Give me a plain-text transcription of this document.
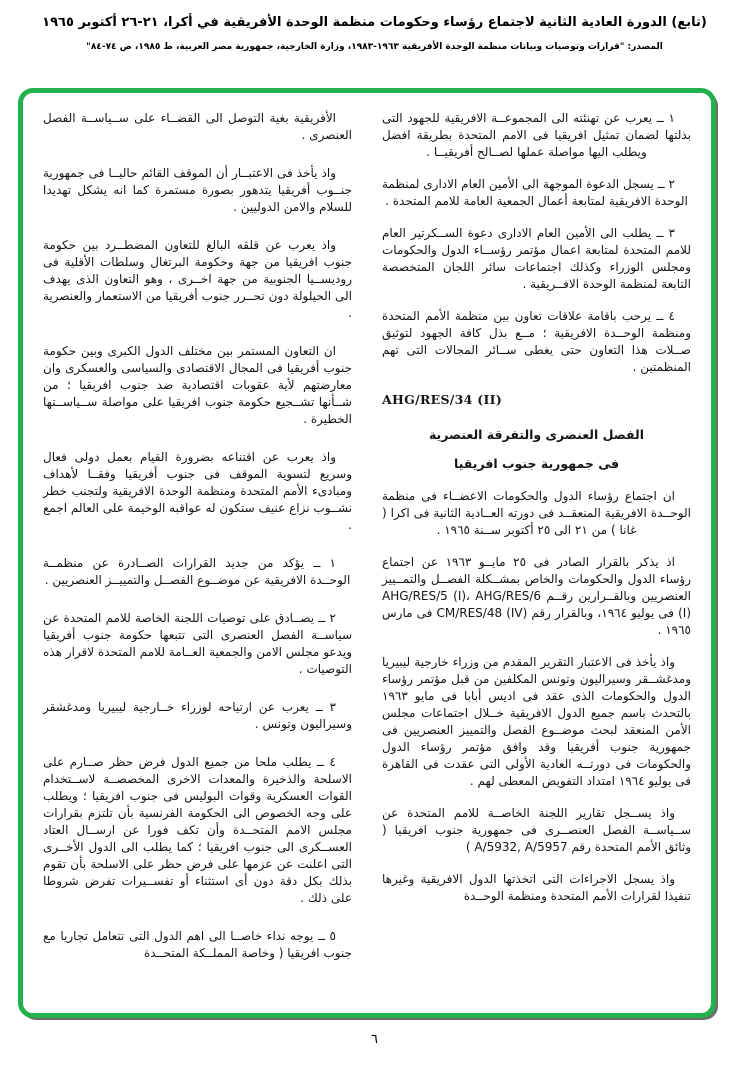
(تابع) الدورة العادية الثانية لاجتماع رؤساء وحكومات منظمة الوحدة الأفريقية في أكرا، ٢١-٢٦ أكتوبر ١٩٦٥
المصدر: "قرارات وتوصيات وبيانات منظمة الوحدة الأفريقية ١٩٦٣-١٩٨٣، وزارة الخارجية، جمهورية مصر العربية، ط ١٩٨٥، ص ٧٤-٨٤"

١ ــ يعرب عن تهنئته الى المجموعــة الافريقية للجهود التى بذلتها لضمان تمثيل افريقيا فى الامم المتحدة بطريقة افضل ويطلب اليها مواصلة عملها لصــالح أفريقيــا .

٢ ــ يسجل الدعوة الموجهة الى الأمين العام الادارى لمنظمة الوحدة الافريقية لمتابعة أعمال الجمعية العامة للامم المتحدة .

٣ ــ يطلب الى الأمين العام الادارى دعوة الســكرتير العام للامم المتحدة لمتابعة اعمال مؤتمر رؤســاء الدول والحكومات ومجلس الوزراء وكذلك اجتماعات سائر اللجان المتخصصة التابعة لمنظمة الوحدة الافــريقية .

٤ ــ يرحب باقامة علاقات تعاون بين منظمة الأمم المتحدة ومنظمة الوحــدة الافريقية ؛ مــع بذل كافة الجهود لتوثيق صــلات هذا التعاون حتى يغطى ســائر المجالات التى تهم المنظمتين .

AHG/RES/34 (II)

الفصل العنصرى والتفرقة العنصرية

فى جمهورية جنوب افريقيا

ان اجتماع رؤساء الدول والحكومات الاعضــاء فى منظمة الوحــدة الافريقية المنعقــد فى دورته العــادية الثانية فى اكرا ( غانا ) من ٢١ الى ٢٥ أكتوبر ســنة ١٩٦٥ .

اذ يذكر بالقرار الصادر فى ٢٥ مايــو ١٩٦٣ عن اجتماع رؤساء الدول والحكومات والخاص بمشــكلة الفصــل والتمــييز العنصريين وبالقــرارين رقــم AHG/RES/5 (I)، AHG/RES/6 (I) فى يوليو ١٩٦٤، وبالقرار رقم CM/RES/48 (IV) فى مارس ١٩٦٥ .

واذ يأخذ فى الاعتبار التقرير المقدم من وزراء خارجية ليبيريا ومدغشــقر وسيراليون وتونس المكلفين من قبل مؤتمر رؤساء الدول والحكومات الذى عقد فى اديس أبابا فى مايو ١٩٦٣ بالتحدث باسم جميع الدول الافريقية خــلال اجتماعات مجلس الأمن المنعقد لبحث موضــوع الفصل والتمييز العنصريين فى جمهورية جنوب أفريقيا وقد وافق مؤتمر رؤساء الدول والحكومات فى دورتــه العادية الأولى التى عقدت فى القاهرة فى يوليو ١٩٦٤ امتداد التفويض المعطى لهم .

واذ يســجل تقارير اللجنة الخاصــة للامم المتحدة عن ســياســة الفصل العنصــرى فى جمهورية جنوب افريقيا ( وثائق الأمم المتحدة رقم A/5932, A/5957 )

واذ يسجل الاجراءات التى اتخذتها الدول الافريقية وغيرها تنفيذا لقرارات الأمم المتحدة ومنظمة الوحــدة

الأفريقية بغية التوصل الى القضــاء على ســياســة الفصل العنصرى .

واذ يأخذ فى الاعتبــار أن الموقف القائم حاليــا فى جمهورية جنــوب أفريقيا يتدهور بصورة مستمرة كما انه يشكل تهديدا للسلام والامن الدوليين .

واذ يعرب عن قلقه البالغ للتعاون المضطــرد بين حكومة جنوب افريقيا من جهة وحكومة البرتغال وسلطات الأقلية فى روديســيا الجنوبية من جهة اخــرى ، وهو التعاون الذى يهدف الى الحيلولة دون تحــرر جنوب أفريقيا من الاستعمار والعنصرية .

ان التعاون المستمر بين مختلف الدول الكبرى وبين حكومة جنوب أفريقيا فى المجال الاقتصادى والسياسى والعسكرى وان معارضتهم لأية عقوبات اقتصادية ضد جنوب افريقيا ؛ من شــأنها تشــجيع حكومة جنوب افريقيا على مواصلة ســياســتها الخطيرة .

واذ يعرب عن اقتناعه بضرورة القيام بعمل دولى فعال وسريع لتسوية الموقف فى جنوب أفريقيا وفقــا لأهداف ومبادىء الأمم المتحدة ومنظمة الوحدة الافريقية ولتجنب خطر نشــوب نزاع عنيف ستكون له عواقبه الوخيمة على العالم اجمع .

١ ــ يؤكد من جديد القرارات الصــادرة عن منظمــة الوحــدة الافريقية عن موضــوع الفصــل والتمييــز العنصريين .

٢ ــ يصــادق على توصيات اللجنة الخاصة للامم المتحدة عن سياســة الفصل العنصرى التى تتبعها حكومة جنوب أفريقيا ويدعو مجلس الامن والجمعية العــامة للامم المتحدة لاقرار هذه التوصيات .

٣ ــ يعرب عن ارتياحه لوزراء خــارجية ليبيريا ومدغشقر وسيراليون وتونس .

٤ ــ يطلب ملحا من جميع الدول فرض حظر صــارم على الاسلحة والذخيرة والمعدات الاخرى المخصصــة لاســتخدام القوات العسكرية وقوات البوليس فى جنوب افريقيا ؛ ويطلب على وجه الخصوص الى الحكومة الفرنسية بأن تلتزم بقرارات مجلس الامم المتحــدة وأن تكف فورا عن ارســال العتاد العســكرى الى جنوب افريقيا ؛ كما يطلب الى الدول الأخــرى التى اعلنت عن عزمها على فرض حظر على الاسلحة بأن تقوم بذلك بكل دقة دون أى استثناء أو تفســيرات تفرض شروطا على ذلك .

٥ ــ يوجه نداء خاصــا الى اهم الدول التى تتعامل تجاريا مع جنوب افريقيا ( وخاصة المملــكة المتحــدة

٦
